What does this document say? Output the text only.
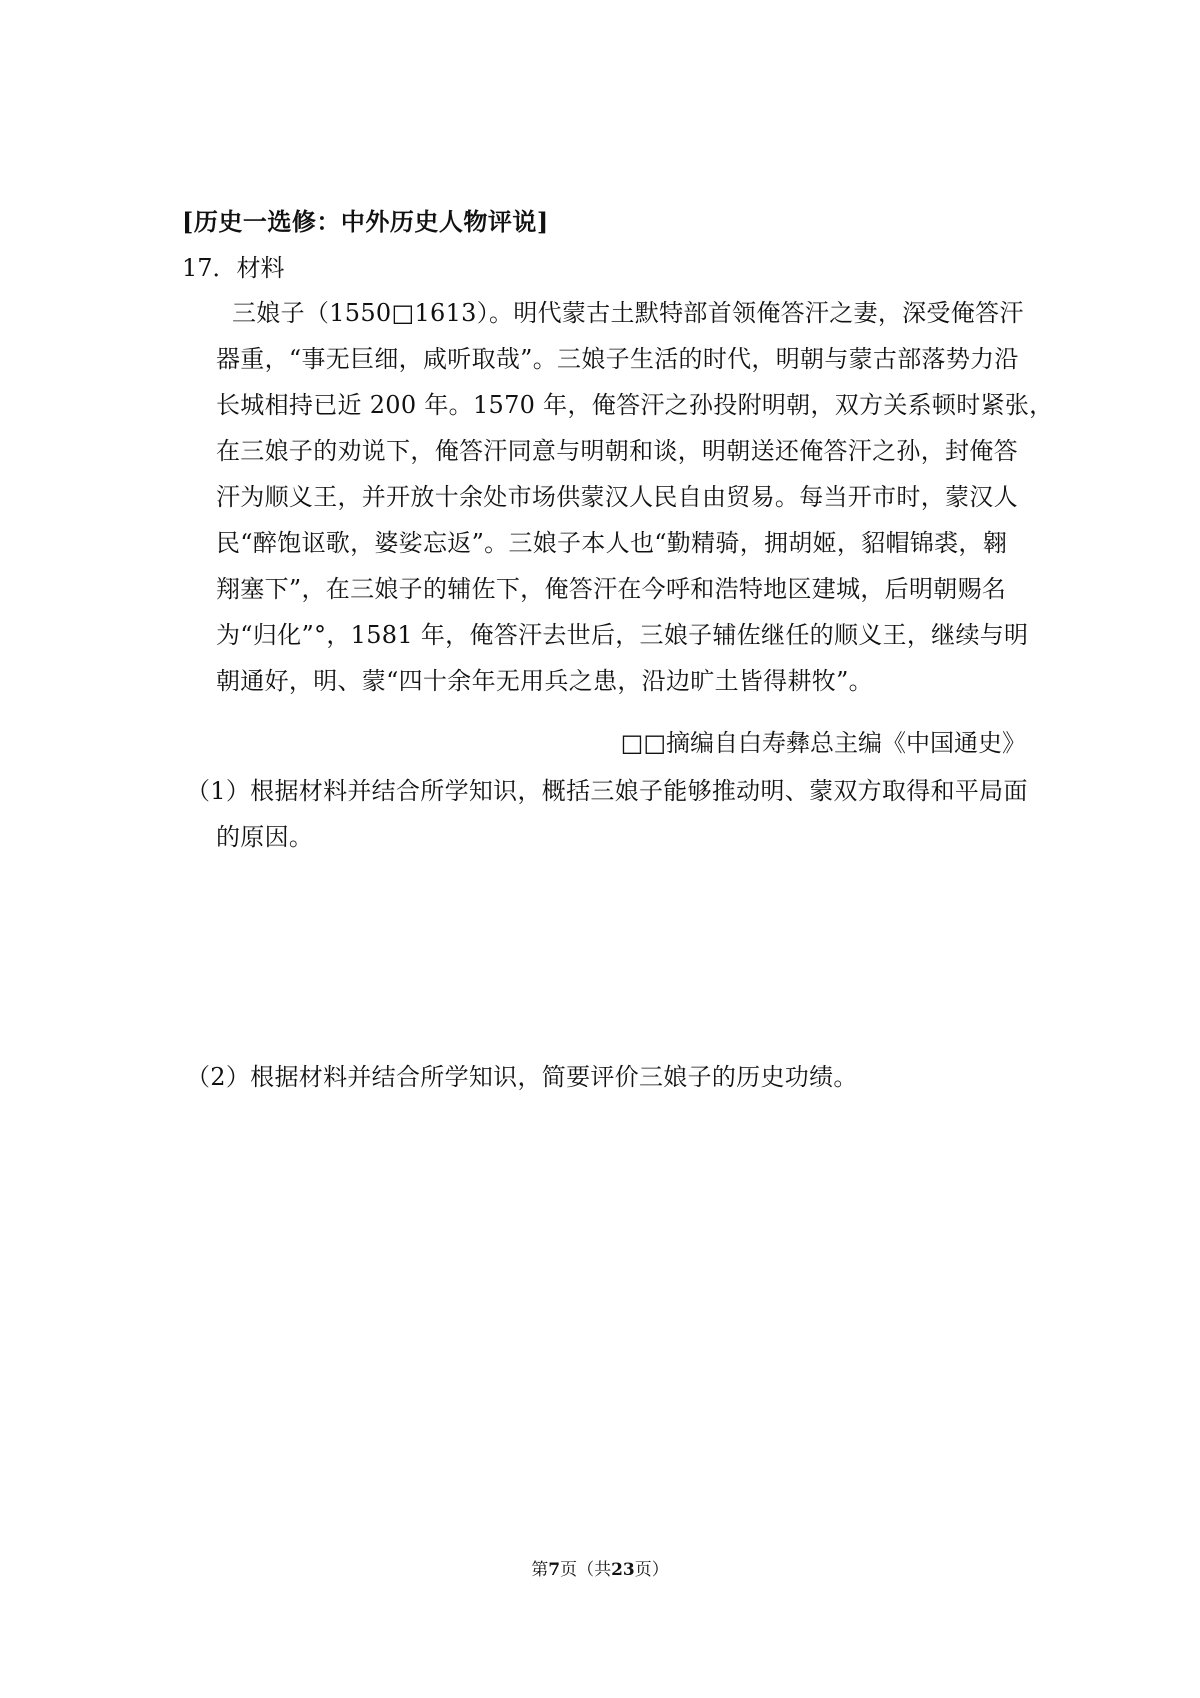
[历史一选修：中外历史人物评说]
17．材料
三娘子（1550□1613）。明代蒙古土默特部首领俺答汗之妻，深受俺答汗
器重，“事无巨细，咸听取哉”。三娘子生活的时代，明朝与蒙古部落势力沿
长城相持已近 200 年。1570 年，俺答汗之孙投附明朝，双方关系顿时紧张，
在三娘子的劝说下，俺答汗同意与明朝和谈，明朝送还俺答汗之孙，封俺答
汗为顺义王，并开放十余处市场供蒙汉人民自由贸易。每当开市时，蒙汉人
民“醉饱讴歌，婆娑忘返”。三娘子本人也“勤精骑，拥胡姬，貂帽锦裘，翱
翔塞下”，在三娘子的辅佐下，俺答汗在今呼和浩特地区建城，后明朝赐名
为“归化”°，1581 年，俺答汗去世后，三娘子辅佐继任的顺义王，继续与明
朝通好，明、蒙“四十余年无用兵之患，沿边旷土皆得耕牧”。
□□摘编自白寿彝总主编《中国通史》
（1）根据材料并结合所学知识，概括三娘子能够推动明、蒙双方取得和平局面
的原因。
（2）根据材料并结合所学知识，简要评价三娘子的历史功绩。
第7页（共23页）
